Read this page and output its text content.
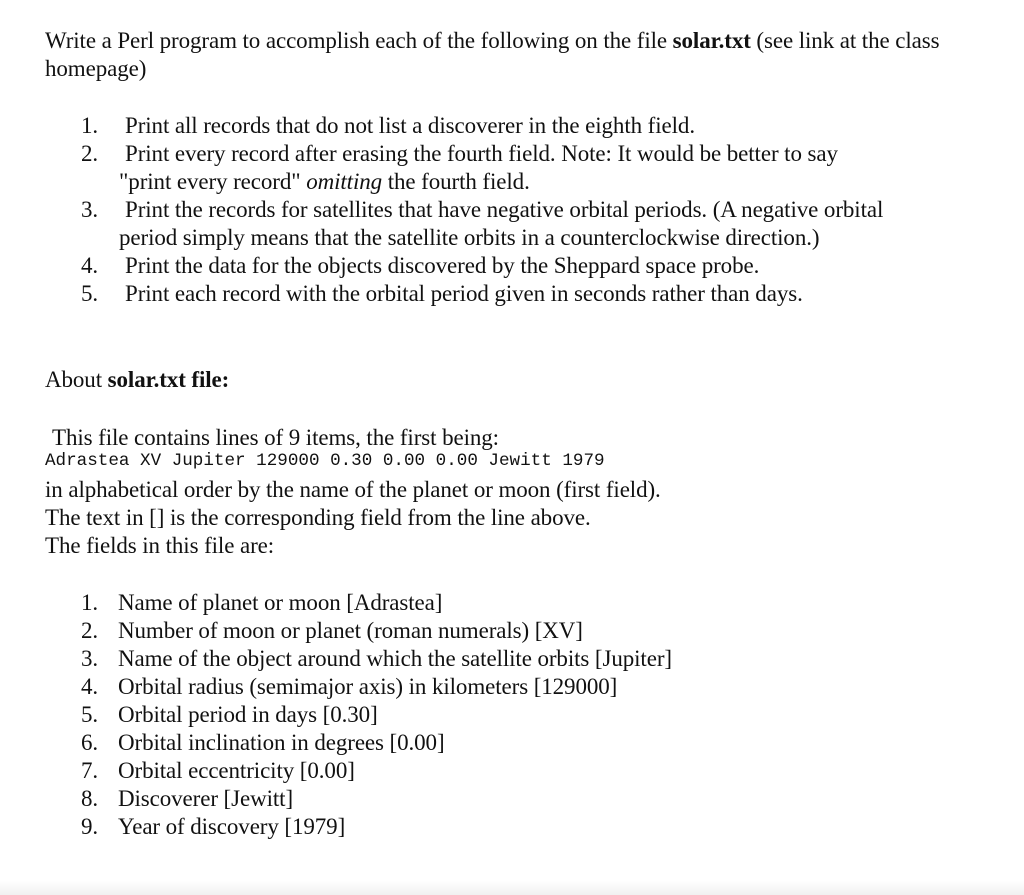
Write a Perl program to accomplish each of the following on the file solar.txt (see link at the class homepage)

1. Print all records that do not list a discoverer in the eighth field.
2. Print every record after erasing the fourth field. Note: It would be better to say "print every record" omitting the fourth field.
3. Print the records for satellites that have negative orbital periods. (A negative orbital period simply means that the satellite orbits in a counterclockwise direction.)
4. Print the data for the objects discovered by the Sheppard space probe.
5. Print each record with the orbital period given in seconds rather than days.

About solar.txt file:

This file contains lines of 9 items, the first being:

Adrastea XV Jupiter 129000 0.30 0.00 0.00 Jewitt 1979

in alphabetical order by the name of the planet or moon (first field).
The text in [] is the corresponding field from the line above.
The fields in this file are:
1. Name of planet or moon [Adrastea]
2. Number of moon or planet (roman numerals) [XV]
3. Name of the object around which the satellite orbits [Jupiter]
4. Orbital radius (semimajor axis) in kilometers [129000]
5. Orbital period in days [0.30]
6. Orbital inclination in degrees [0.00]
7. Orbital eccentricity [0.00]
8. Discoverer [Jewitt]
9. Year of discovery [1979]
